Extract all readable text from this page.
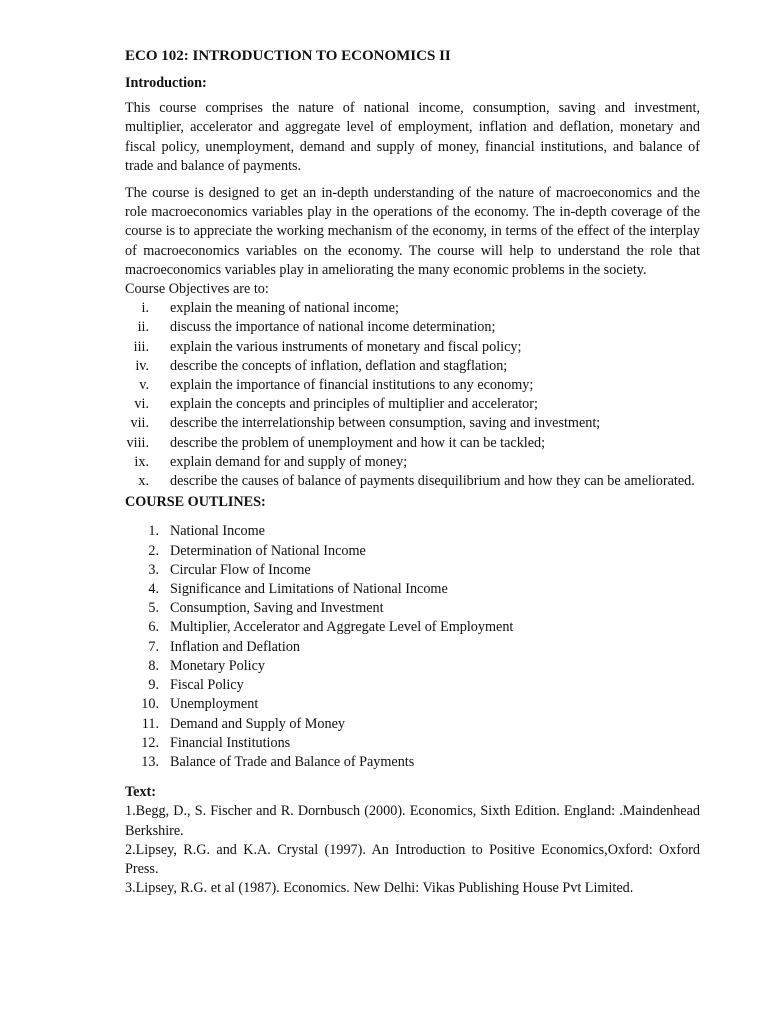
ECO 102: INTRODUCTION TO ECONOMICS II
Introduction:

This course comprises the nature of national income, consumption, saving and investment, multiplier, accelerator and aggregate level of employment, inflation and deflation, monetary and fiscal policy, unemployment, demand and supply of money, financial institutions, and balance of trade and balance of payments.

The course is designed to get an in-depth understanding of the nature of macroeconomics and the role macroeconomics variables play in the operations of the economy. The in-depth coverage of the course is to appreciate the working mechanism of the economy, in terms of the effect of the interplay of macroeconomics variables on the economy. The course will help to understand the role that macroeconomics variables play in ameliorating the many economic problems in the society.

Course Objectives are to:
i. explain the meaning of national income;
ii. discuss the importance of national income determination;
iii. explain the various instruments of monetary and fiscal policy;
iv. describe the concepts of inflation, deflation and stagflation;
v. explain the importance of financial institutions to any economy;
vi. explain the concepts and principles of multiplier and accelerator;
vii. describe the interrelationship between consumption, saving and investment;
viii. describe the problem of unemployment and how it can be tackled;
ix. explain demand for and supply of money;
x. describe the causes of balance of payments disequilibrium and how they can be ameliorated.
COURSE OUTLINES:
1. National Income
2. Determination of National Income
3. Circular Flow of Income
4. Significance and Limitations of National Income
5. Consumption, Saving and Investment
6. Multiplier, Accelerator and Aggregate Level of Employment
7. Inflation and Deflation
8. Monetary Policy
9. Fiscal Policy
10. Unemployment
11. Demand and Supply of Money
12. Financial Institutions
13. Balance of Trade and Balance of Payments
Text:

1.Begg, D., S. Fischer and R. Dornbusch (2000). Economics, Sixth Edition. England: .Maindenhead Berkshire.

2.Lipsey, R.G. and K.A. Crystal (1997). An Introduction to Positive Economics,Oxford: Oxford Press.

3.Lipsey, R.G. et al (1987). Economics. New Delhi: Vikas Publishing House Pvt Limited.
